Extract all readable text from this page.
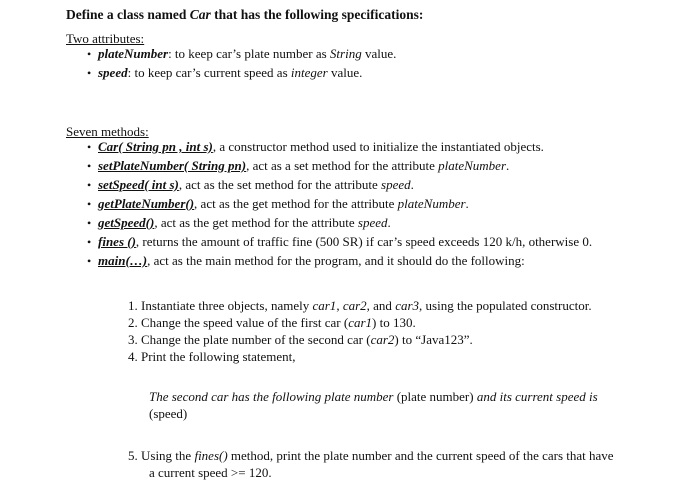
Define a class named Car that has the following specifications:
Two attributes:
• plateNumber: to keep car’s plate number as String value.
• speed: to keep car’s current speed as integer value.
Seven methods:
• Car( String pn , int s), a constructor method used to initialize the instantiated objects.
• setPlateNumber( String pn), act as a set method for the attribute plateNumber.
• setSpeed( int s), act as the set method for the attribute speed.
• getPlateNumber(), act as the get method for the attribute plateNumber.
• getSpeed(), act as the get method for the attribute speed.
• fines (), returns the amount of traffic fine (500 SR) if car’s speed exceeds 120 k/h, otherwise 0.
• main(…), act as the main method for the program, and it should do the following:
1. Instantiate three objects, namely car1, car2, and car3, using the populated constructor.
2. Change the speed value of the first car (car1) to 130.
3. Change the plate number of the second car (car2) to “Java123”.
4. Print the following statement,
The second car has the following plate number (plate number) and its current speed is
(speed)
5. Using the fines() method, print the plate number and the current speed of the cars that have
a current speed >= 120.
